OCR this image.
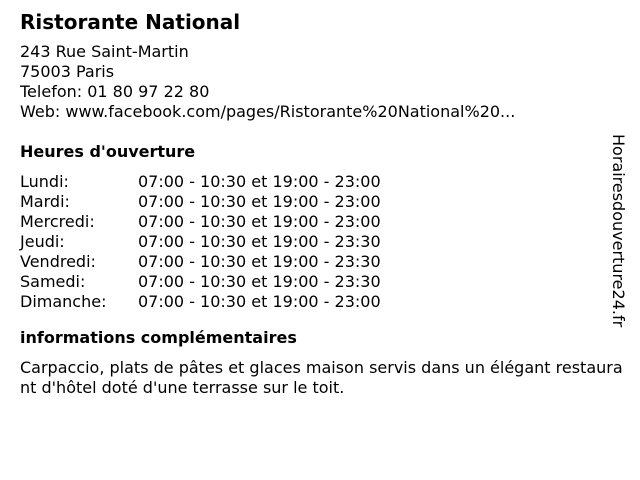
Ristorante National
243 Rue Saint-Martin
75003 Paris
Telefon: 01 80 97 22 80
Web: www.facebook.com/pages/Ristorante%20National%20...
Heures d'ouverture
Lundi:	07:00 - 10:30 et 19:00 - 23:00
Mardi:	07:00 - 10:30 et 19:00 - 23:00
Mercredi:	07:00 - 10:30 et 19:00 - 23:00
Jeudi:	07:00 - 10:30 et 19:00 - 23:30
Vendredi:	07:00 - 10:30 et 19:00 - 23:30
Samedi:	07:00 - 10:30 et 19:00 - 23:30
Dimanche:	07:00 - 10:30 et 19:00 - 23:00
informations complémentaires
Carpaccio, plats de pâtes et glaces maison servis dans un élégant restaurant d'hôtel doté d'une terrasse sur le toit.
Horairesdouverture24.fr
